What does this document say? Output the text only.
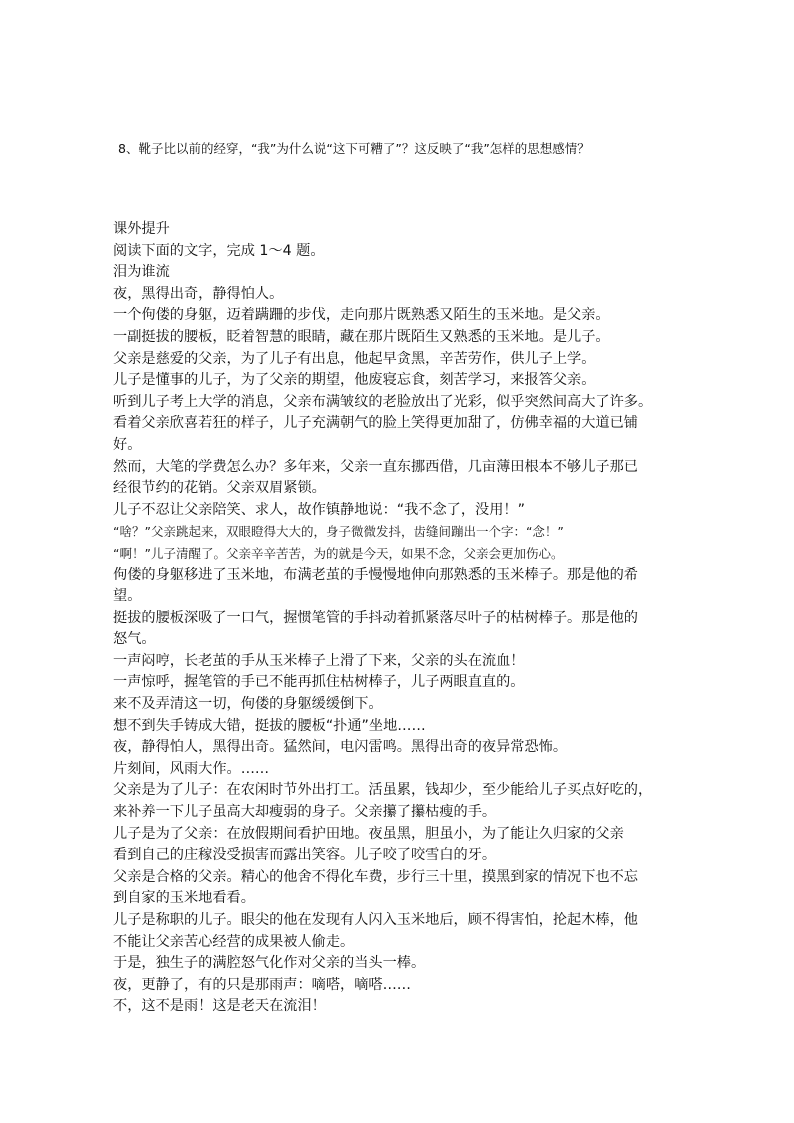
8、靴子比以前的经穿，“我”为什么说“这下可糟了”？这反映了“我”怎样的思想感情？
课外提升
阅读下面的文字，完成 1～4 题。
泪为谁流
夜，黑得出奇，静得怕人。
一个佝偻的身躯，迈着蹒跚的步伐，走向那片既熟悉又陌生的玉米地。是父亲。
一副挺拔的腰板，眨着智慧的眼睛，藏在那片既陌生又熟悉的玉米地。是儿子。
父亲是慈爱的父亲，为了儿子有出息，他起早贪黑，辛苦劳作，供儿子上学。
儿子是懂事的儿子，为了父亲的期望，他废寝忘食，刻苦学习，来报答父亲。
听到儿子考上大学的消息，父亲布满皱纹的老脸放出了光彩，似乎突然间高大了许多。
看着父亲欣喜若狂的样子，儿子充满朝气的脸上笑得更加甜了，仿佛幸福的大道已铺
好。
然而，大笔的学费怎么办？多年来，父亲一直东挪西借，几亩薄田根本不够儿子那已
经很节约的花销。父亲双眉紧锁。
儿子不忍让父亲陪笑、求人，故作镇静地说：“我不念了，没用！”
“啥？”父亲跳起来，双眼瞪得大大的，身子微微发抖，齿缝间蹦出一个字：“念！”
“啊！”儿子清醒了。父亲辛辛苦苦，为的就是今天，如果不念，父亲会更加伤心。
佝偻的身躯移进了玉米地，布满老茧的手慢慢地伸向那熟悉的玉米棒子。那是他的希
望。
挺拔的腰板深吸了一口气，握惯笔管的手抖动着抓紧落尽叶子的枯树棒子。那是他的
怒气。
一声闷哼，长老茧的手从玉米棒子上滑了下来，父亲的头在流血！
一声惊呼，握笔管的手已不能再抓住枯树棒子，儿子两眼直直的。
来不及弄清这一切，佝偻的身躯缓缓倒下。
想不到失手铸成大错，挺拔的腰板“扑通”坐地……
夜，静得怕人，黑得出奇。猛然间，电闪雷鸣。黑得出奇的夜异常恐怖。
片刻间，风雨大作。……
父亲是为了儿子：在农闲时节外出打工。活虽累，钱却少，至少能给儿子买点好吃的，
来补养一下儿子虽高大却瘦弱的身子。父亲攥了攥枯瘦的手。
儿子是为了父亲：在放假期间看护田地。夜虽黑，胆虽小，为了能让久归家的父亲
看到自己的庄稼没受损害而露出笑容。儿子咬了咬雪白的牙。
父亲是合格的父亲。精心的他舍不得化车费，步行三十里，摸黑到家的情况下也不忘
到自家的玉米地看看。
儿子是称职的儿子。眼尖的他在发现有人闪入玉米地后，顾不得害怕，抡起木棒，他
不能让父亲苦心经营的成果被人偷走。
于是，独生子的满腔怒气化作对父亲的当头一棒。
夜，更静了，有的只是那雨声：嘀嗒，嘀嗒……
不，这不是雨！这是老天在流泪！
